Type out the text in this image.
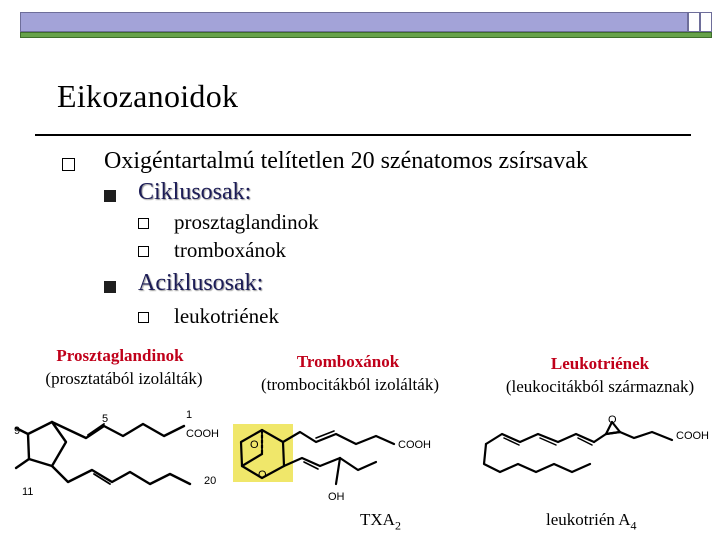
Eikozanoidok
Oxigéntartalmú telítetlen 20 szénatomos zsírsavak
Ciklusosak:
prosztaglandinok
tromboxánok
Aciklusosak:
leukotriének
Prosztaglandinok
(prosztatából izolálták)
Tromboxánok
(trombocitákból izolálták)
Leukotriének
(leukocitákból származnak)
9
5	1
COOH
11
20
O
O
COOH
OH
$TXA_2$
O
COOH
leukotrién $A_4$
